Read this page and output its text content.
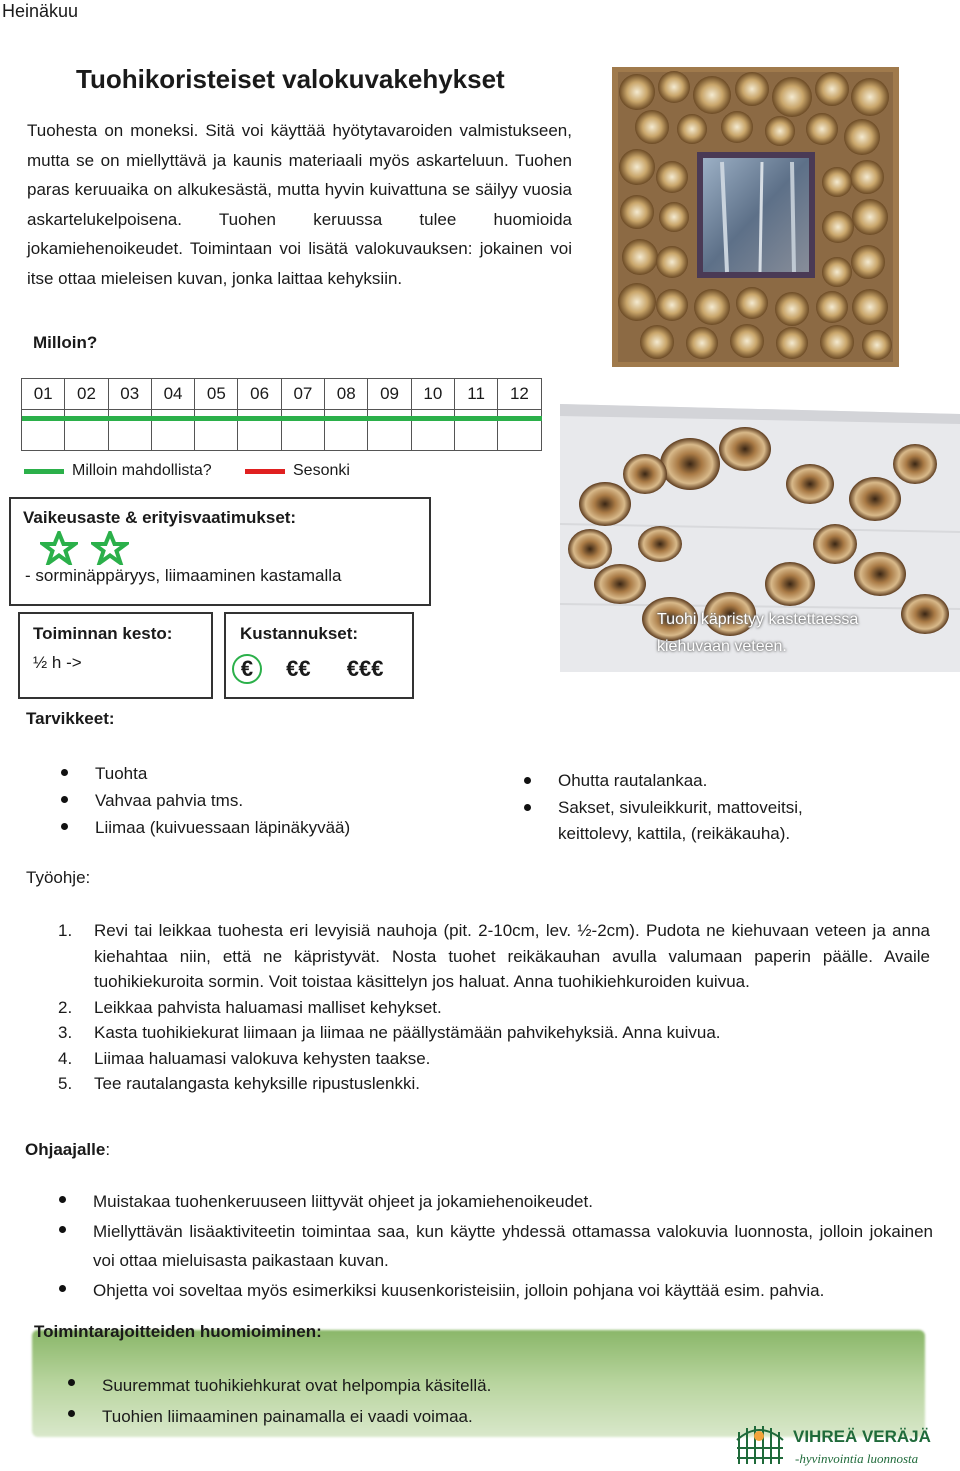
Heinäkuu
Tuohikoristeiset valokuvakehykset
Tuohesta on moneksi. Sitä voi käyttää hyötytavaroiden valmistukseen, mutta se on miellyttävä ja kaunis materiaali myös askarteluun. Tuohen paras keruuaika on alkukesästä, mutta hyvin kuivattuna se säilyy vuosia askartelukelpoisena. Tuohen keruussa tulee huomioida jokamiehenoikeudet. Toimintaan voi lisätä valokuvauksen: jokainen voi itse ottaa mieleisen kuvan, jonka laittaa kehyksiin.
Tuohi käpristyy kastettaessa kiehuvaan veteen.
Milloin?
01	02	03	04	05	06	07	08	09	10	11	12

Milloin mahdollista?	Sesonki
Vaikeusaste & erityisvaatimukset:

- sorminäppäryys, liimaaminen kastamalla
Toiminnan kesto:
½ h ->
Kustannukset:
€ €€ €€€
Tarvikkeet:
Tuohta
Vahvaa pahvia tms.
Liimaa (kuivuessaan läpinäkyvää)
Ohutta rautalankaa.
Sakset, sivuleikkurit, mattoveitsi, keittolevy, kattila, (reikäkauha).
Työohje:
1. Revi tai leikkaa tuohesta eri levyisiä nauhoja (pit. 2-10cm, lev. ½-2cm). Pudota ne kiehuvaan veteen ja anna kiehahtaa niin, että ne käpristyvät. Nosta tuohet reikäkauhan avulla valumaan paperin päälle. Availe tuohikiekuroita sormin. Voit toistaa käsittelyn jos haluat. Anna tuohikiehkuroiden kuivua.
2. Leikkaa pahvista haluamasi malliset kehykset.
3. Kasta tuohikiekurat liimaan ja liimaa ne päällystämään pahvikehyksiä. Anna kuivua.
4. Liimaa haluamasi valokuva kehysten taakse.
5. Tee rautalangasta kehyksille ripustuslenkki.
Ohjaajalle:
Muistakaa tuohenkeruuseen liittyvät ohjeet ja jokamiehenoikeudet.
Miellyttävän lisäaktiviteetin toimintaa saa, kun käytte yhdessä ottamassa valokuvia luonnosta, jolloin jokainen voi ottaa mieluisasta paikastaan kuvan.
Ohjetta voi soveltaa myös esimerkiksi kuusenkoristeisiin, jolloin pohjana voi käyttää esim. pahvia.
Toimintarajoitteiden huomioiminen:
Suuremmat tuohikiehkurat ovat helpompia käsitellä.
Tuohien liimaaminen painamalla ei vaadi voimaa.
VIHREÄ VERÄJÄ
-hyvinvointia luonnosta
